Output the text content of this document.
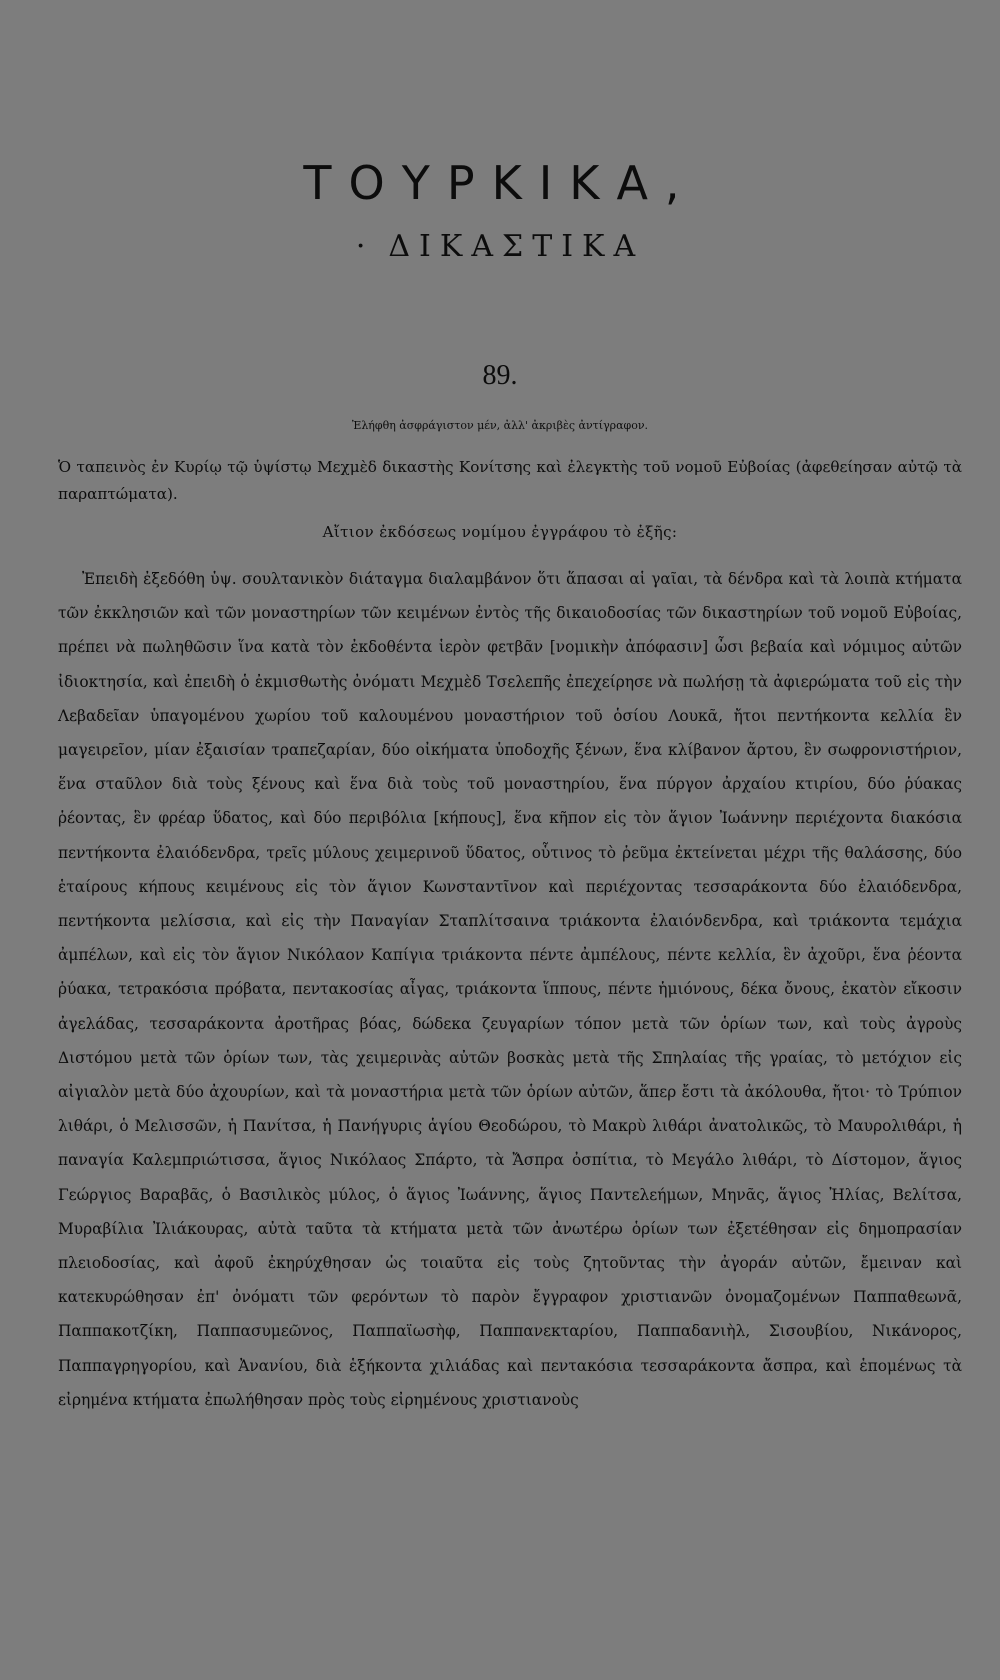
ΤΟΥΡΚΙΚΑ,
· ΔΙΚΑΣΤΙΚΑ
89.
Ἐλήφθη ἀσφράγιστον μέν, ἀλλ' ἀκριβὲς ἀντίγραφον.

Ὁ ταπεινὸς ἐν Κυρίῳ τῷ ὑψίστῳ Μεχμὲδ δικαστὴς Κονίτσης καὶ ἐλεγκτὴς τοῦ νομοῦ Εὐβοίας (ἀφεθείησαν αὐτῷ τὰ παραπτώματα).

Αἴτιον ἐκδόσεως νομίμου ἐγγράφου τὸ ἑξῆς:

Ἐπειδὴ ἐξεδόθη ὑψ. σουλτανικὸν διάταγμα διαλαμβάνον ὅτι ἅπασαι αἱ γαῖαι, τὰ δένδρα καὶ τὰ λοιπὰ κτήματα τῶν ἐκκλησιῶν καὶ τῶν μοναστηρίων τῶν κειμένων ἐντὸς τῆς δικαιοδοσίας τῶν δικαστηρίων τοῦ νομοῦ Εὐβοίας, πρέπει νὰ πωληθῶσιν ἵνα κατὰ τὸν ἐκδοθέντα ἱερὸν φετβᾶν [νομικὴν ἀπόφασιν] ὦσι βεβαία καὶ νόμιμος αὐτῶν ἰδιοκτησία, καὶ ἐπειδὴ ὁ ἐκμισθωτὴς ὀνόματι Μεχμὲδ Τσελεπῆς ἐπεχείρησε νὰ πωλήσῃ τὰ ἀφιερώματα τοῦ εἰς τὴν Λεβαδεῖαν ὑπαγομένου χωρίου τοῦ καλουμένου μοναστήριον τοῦ ὁσίου Λουκᾶ, ἤτοι πεντήκοντα κελλία ἓν μαγειρεῖον, μίαν ἐξαισίαν τραπεζαρίαν, δύο οἰκήματα ὑποδοχῆς ξένων, ἕνα κλίβανον ἄρτου, ἓν σωφρονιστήριον, ἕνα σταῦλον διὰ τοὺς ξένους καὶ ἕνα διὰ τοὺς τοῦ μοναστηρίου, ἕνα πύργον ἀρχαίου κτιρίου, δύο ῥύακας ῥέοντας, ἓν φρέαρ ὕδατος, καὶ δύο περιβόλια [κήπους], ἕνα κῆπον εἰς τὸν ἅγιον Ἰωάννην περιέχοντα διακόσια πεντήκοντα ἐλαιόδενδρα, τρεῖς μύλους χειμερινοῦ ὕδατος, οὗτινος τὸ ῥεῦμα ἐκτείνεται μέχρι τῆς θαλάσσης, δύο ἑταίρους κήπους κειμένους εἰς τὸν ἅγιον Κωνσταντῖνον καὶ περιέχοντας τεσσαράκοντα δύο ἐλαιόδενδρα, πεντήκοντα μελίσσια, καὶ εἰς τὴν Παναγίαν Σταπλίτσαινα τριάκοντα ἐλαιόνδενδρα, καὶ τριάκοντα τεμάχια ἀμπέλων, καὶ εἰς τὸν ἅγιον Νικόλαον Καπίγια τριάκοντα πέντε ἀμπέλους, πέντε κελλία, ἓν ἀχοῦρι, ἕνα ῥέοντα ῥύακα, τετρακόσια πρόβατα, πεντακοσίας αἶγας, τριάκοντα ἵππους, πέντε ἡμιόνους, δέκα ὄνους, ἑκατὸν εἴκοσιν ἀγελάδας, τεσσαράκοντα ἀροτῆρας βόας, δώδεκα ζευγαρίων τόπον μετὰ τῶν ὁρίων των, καὶ τοὺς ἀγροὺς Διστόμου μετὰ τῶν ὁρίων των, τὰς χειμερινὰς αὐτῶν βοσκὰς μετὰ τῆς Σπηλαίας τῆς γραίας, τὸ μετόχιον εἰς αἰγιαλὸν μετὰ δύο ἀχουρίων, καὶ τὰ μοναστήρια μετὰ τῶν ὁρίων αὐτῶν, ἅπερ ἔστι τὰ ἀκόλουθα, ἤτοι· τὸ Τρύπιον λιθάρι, ὁ Μελισσῶν, ἡ Πανίτσα, ἡ Πανήγυρις ἁγίου Θεοδώρου, τὸ Μακρὺ λιθάρι ἀνατολικῶς, τὸ Μαυρολιθάρι, ἡ παναγία Καλεμπριώτισσα, ἅγιος Νικόλαος Σπάρτο, τὰ Ἄσπρα ὀσπίτια, τὸ Μεγάλο λιθάρι, τὸ Δίστομον, ἅγιος Γεώργιος Βαραβᾶς, ὁ Βασιλικὸς μύλος, ὁ ἅγιος Ἰωάννης, ἅγιος Παντελεήμων, Μηνᾶς, ἅγιος Ἠλίας, Βελίτσα, Μυραβίλια Ἰλιάκουρας, αὐτὰ ταῦτα τὰ κτήματα μετὰ τῶν ἀνωτέρω ὁρίων των ἐξετέθησαν εἰς δημοπρασίαν πλειοδοσίας, καὶ ἀφοῦ ἐκηρύχθησαν ὡς τοιαῦτα εἰς τοὺς ζητοῦντας τὴν ἀγοράν αὐτῶν, ἔμειναν καὶ κατεκυρώθησαν ἐπ' ὀνόματι τῶν φερόντων τὸ παρὸν ἔγγραφον χριστιανῶν ὀνομαζομένων Παππαθεωνᾶ, Παππακοτζίκη, Παππασυμεῶνος, Παππαϊωσὴφ, Παππανεκταρίου, Παππαδανιὴλ, Σισουβίου, Νικάνορος, Παππαγρηγορίου, καὶ Ἀνανίου, διὰ ἑξήκοντα χιλιάδας καὶ πεντακόσια τεσσαράκοντα ἄσπρα, καὶ ἑπομένως τὰ εἰρημένα κτήματα ἐπωλήθησαν πρὸς τοὺς εἰρημένους χριστιανοὺς
